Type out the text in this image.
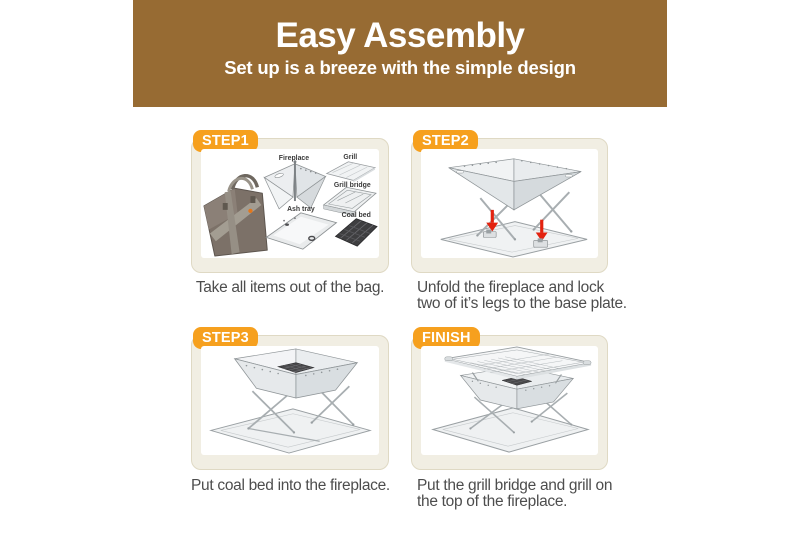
Easy Assembly
Set up is a breeze with the simple design
STEP1
Fireplace	Grill
Grill bridge
Ash tray
Coal bed
Take all items out of the bag.
STEP2
Unfold the fireplace and lock
two of it’s legs to the base plate.
STEP3
Put coal bed into the fireplace.
FINISH
Put the grill bridge and grill on
the top of the fireplace.
